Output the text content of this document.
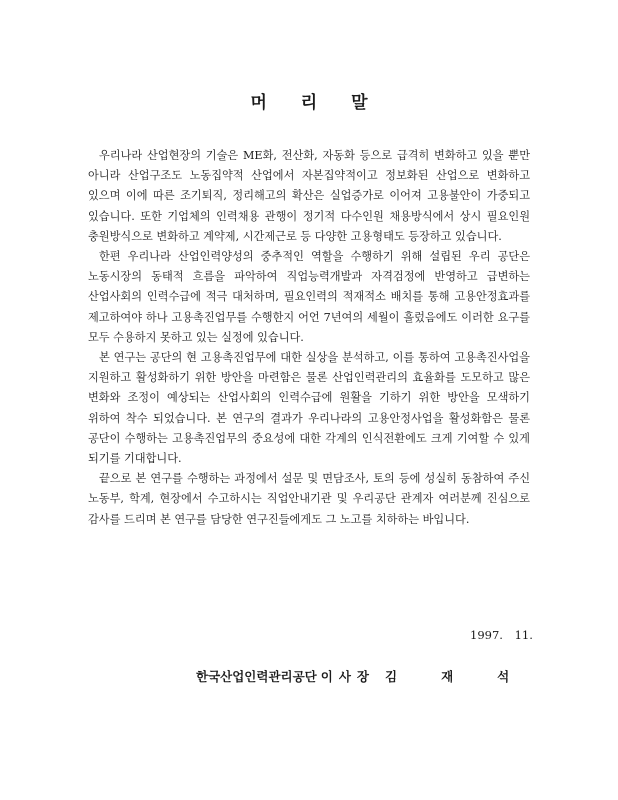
머 리 말

우리나라 산업현장의 기술은 ME화, 전산화, 자동화 등으로 급격히 변화하고 있을 뿐만 아니라 산업구조도 노동집약적 산업에서 자본집약적이고 정보화된 산업으로 변화하고 있으며 이에 따른 조기퇴직, 정리해고의 확산은 실업증가로 이어져 고용불안이 가중되고 있습니다. 또한 기업체의 인력채용 관행이 정기적 다수인원 채용방식에서 상시 필요인원 충원방식으로 변화하고 계약제, 시간제근로 등 다양한 고용형태도 등장하고 있습니다.

한편 우리나라 산업인력양성의 중추적인 역할을 수행하기 위해 설립된 우리 공단은 노동시장의 동태적 흐름을 파악하여 직업능력개발과 자격검정에 반영하고 급변하는 산업사회의 인력수급에 적극 대처하며, 필요인력의 적재적소 배치를 통해 고용안정효과를 제고하여야 하나 고용촉진업무를 수행한지 어언 7년여의 세월이 흘렀음에도 이러한 요구를 모두 수용하지 못하고 있는 실정에 있습니다.

본 연구는 공단의 현 고용촉진업무에 대한 실상을 분석하고, 이를 통하여 고용촉진사업을 지원하고 활성화하기 위한 방안을 마련함은 물론 산업인력관리의 효율화를 도모하고 많은 변화와 조정이 예상되는 산업사회의 인력수급에 원활을 기하기 위한 방안을 모색하기 위하여 착수 되었습니다. 본 연구의 결과가 우리나라의 고용안정사업을 활성화함은 물론 공단이 수행하는 고용촉진업무의 중요성에 대한 각계의 인식전환에도 크게 기여할 수 있게 되기를 기대합니다.

끝으로 본 연구를 수행하는 과정에서 설문 및 면담조사, 토의 등에 성실히 동참하여 주신 노동부, 학계, 현장에서 수고하시는 직업안내기관 및 우리공단 관계자 여러분께 진심으로 감사를 드리며 본 연구를 담당한 연구진들에게도 그 노고를 치하하는 바입니다.

1997. 11.
한국산업인력관리공단 이사장 김재석
